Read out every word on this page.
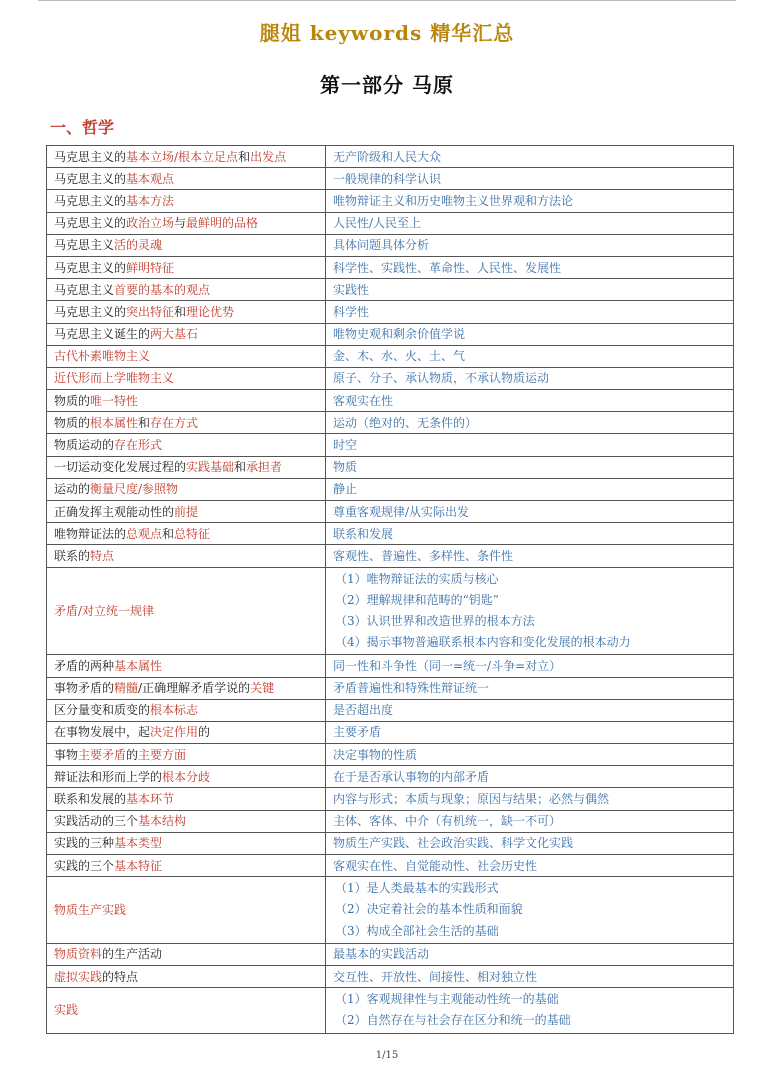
腿姐 keywords 精华汇总
第一部分 马原
一、哲学
马克思主义的基本立场/根本立足点和出发点	无产阶级和人民大众
马克思主义的基本观点	一般规律的科学认识
马克思主义的基本方法	唯物辩证主义和历史唯物主义世界观和方法论
马克思主义的政治立场与最鲜明的品格	人民性/人民至上
马克思主义活的灵魂	具体问题具体分析
马克思主义的鲜明特征	科学性、实践性、革命性、人民性、发展性
马克思主义首要的基本的观点	实践性
马克思主义的突出特征和理论优势	科学性
马克思主义诞生的两大基石	唯物史观和剩余价值学说
古代朴素唯物主义	金、木、水、火、土、气
近代形而上学唯物主义	原子、分子、承认物质，不承认物质运动
物质的唯一特性	客观实在性
物质的根本属性和存在方式	运动（绝对的、无条件的）
物质运动的存在形式	时空
一切运动变化发展过程的实践基础和承担者	物质
运动的衡量尺度/参照物	静止
正确发挥主观能动性的前提	尊重客观规律/从实际出发
唯物辩证法的总观点和总特征	联系和发展
联系的特点	客观性、普遍性、多样性、条件性
矛盾/对立统一规律	（1）唯物辩证法的实质与核心
（2）理解规律和范畴的“钥匙”
（3）认识世界和改造世界的根本方法
（4）揭示事物普遍联系根本内容和变化发展的根本动力

矛盾的两种基本属性	同一性和斗争性（同一=统一/斗争=对立）
事物矛盾的精髓/正确理解矛盾学说的关键	矛盾普遍性和特殊性辩证统一
区分量变和质变的根本标志	是否超出度
在事物发展中，起决定作用的	主要矛盾
事物主要矛盾的主要方面	决定事物的性质
辩证法和形而上学的根本分歧	在于是否承认事物的内部矛盾
联系和发展的基本环节	内容与形式；本质与现象；原因与结果；必然与偶然
实践活动的三个基本结构	主体、客体、中介（有机统一，缺一不可）
实践的三种基本类型	物质生产实践、社会政治实践、科学文化实践
实践的三个基本特征	客观实在性、自觉能动性、社会历史性
物质生产实践	（1）是人类最基本的实践形式
（2）决定着社会的基本性质和面貌
（3）构成全部社会生活的基础

物质资料的生产活动	最基本的实践活动
虚拟实践的特点	交互性、开放性、间接性、相对独立性
实践	（1）客观规律性与主观能动性统一的基础
（2）自然存在与社会存在区分和统一的基础
1/15
